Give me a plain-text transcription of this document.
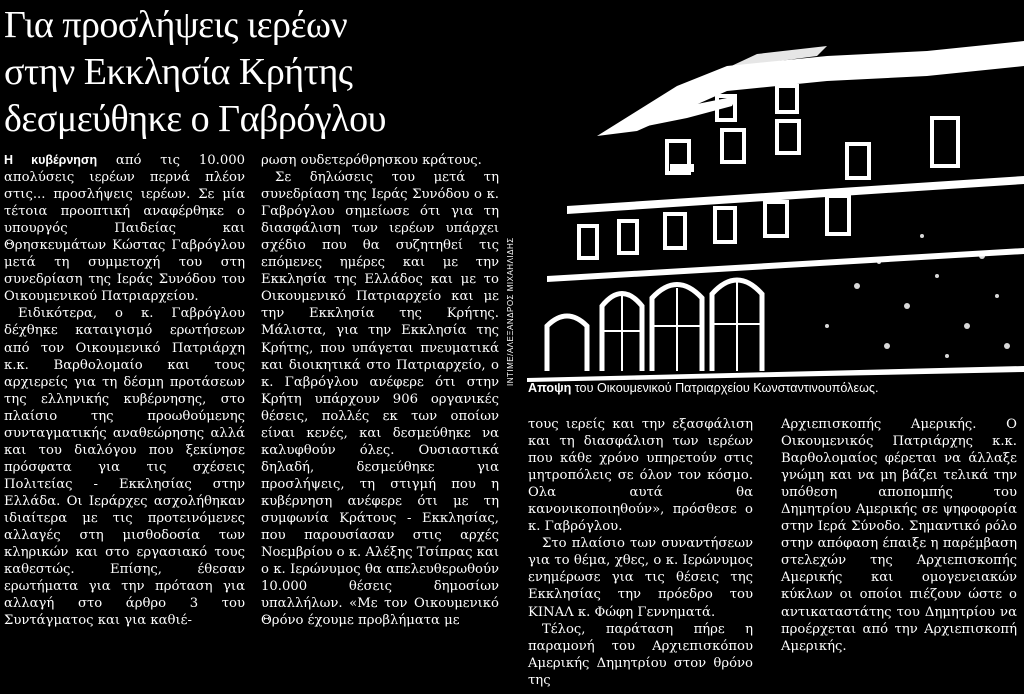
Για προσλήψεις ιερέων
στην Εκκλησία Κρήτης
δεσμεύθηκε ο Γαβρόγλου

Η κυβέρνηση από τις 10.000 απολύσεις ιερέων περνά πλέον στις... προσλήψεις ιερέων. Σε μία τέτοια προοπτική αναφέρθηκε ο υπουργός Παιδείας και Θρησκευμάτων Κώστας Γαβρόγλου μετά τη συμμετοχή του στη συνεδρίαση της Ιεράς Συνόδου του Οικουμενικού Πατριαρχείου.

Ειδικότερα, ο κ. Γαβρόγλου δέχθηκε καταιγισμό ερωτήσεων από τον Οικουμενικό Πατριάρχη κ.κ. Βαρθολομαίο και τους αρχιερείς για τη δέσμη προτάσεων της ελληνικής κυβέρνησης, στο πλαίσιο της προωθούμενης συνταγματικής αναθεώρησης αλλά και του διαλόγου που ξεκίνησε πρόσφατα για τις σχέσεις Πολιτείας - Εκκλησίας στην Ελλάδα. Οι Ιεράρχες ασχολήθηκαν ιδιαίτερα με τις προτεινόμενες αλλαγές στη μισθοδοσία των κληρικών και στο εργασιακό τους καθεστώς. Επίσης, έθεσαν ερωτήματα για την πρόταση για αλλαγή στο άρθρο 3 του Συντάγματος και για καθιέ-

ρωση ουδετερόθρησκου κράτους.

Σε δηλώσεις του μετά τη συνεδρίαση της Ιεράς Συνόδου ο κ. Γαβρόγλου σημείωσε ότι για τη διασφάλιση των ιερέων υπάρχει σχέδιο που θα συζητηθεί τις επόμενες ημέρες και με την Εκκλησία της Ελλάδος και με το Οικουμενικό Πατριαρχείο και με την Εκκλησία της Κρήτης. Μάλιστα, για την Εκκλησία της Κρήτης, που υπάγεται πνευματικά και διοικητικά στο Πατριαρχείο, ο κ. Γαβρόγλου ανέφερε ότι στην Κρήτη υπάρχουν 906 οργανικές θέσεις, πολλές εκ των οποίων είναι κενές, και δεσμεύθηκε να καλυφθούν όλες. Ουσιαστικά δηλαδή, δεσμεύθηκε για προσλήψεις, τη στιγμή που η κυβέρνηση ανέφερε ότι με τη συμφωνία Κράτους - Εκκλησίας, που παρουσίασαν στις αρχές Νοεμβρίου ο κ. Αλέξης Τσίπρας και ο κ. Ιερώνυμος θα απελευθερωθούν 10.000 θέσεις δημοσίων υπαλλήλων. «Με τον Οικουμενικό Θρόνο έχουμε προβλήματα με

INTIME/ΑΛΕΞΑΝΔΡΟΣ ΜΙΧΑΗΛΙΔΗΣ
Αποψη του Οικουμενικού Πατριαρχείου Κωνσταντινουπόλεως.

τους ιερείς και την εξασφάλιση και τη διασφάλιση των ιερέων που κάθε χρόνο υπηρετούν στις μητροπόλεις σε όλον τον κόσμο. Ολα αυτά θα κανονικοποιηθούν», πρόσθεσε ο κ. Γαβρόγλου.

Στο πλαίσιο των συναντήσεων για το θέμα, χθες, ο κ. Ιερώνυμος ενημέρωσε για τις θέσεις της Εκκλησίας την πρόεδρο του ΚΙΝΑΛ κ. Φώφη Γεννηματά.

Τέλος, παράταση πήρε η παραμονή του Αρχιεπισκόπου Αμερικής Δημητρίου στον θρόνο της

Αρχιεπισκοπής Αμερικής. Ο Οικουμενικός Πατριάρχης κ.κ. Βαρθολομαίος φέρεται να άλλαξε γνώμη και να μη βάζει τελικά την υπόθεση αποπομπής του Δημητρίου Αμερικής σε ψηφοφορία στην Ιερά Σύνοδο. Σημαντικό ρόλο στην απόφαση έπαιξε η παρέμβαση στελεχών της Αρχιεπισκοπής Αμερικής και ομογενειακών κύκλων οι οποίοι πιέζουν ώστε ο αντικαταστάτης του Δημητρίου να προέρχεται από την Αρχιεπισκοπή Αμερικής.
